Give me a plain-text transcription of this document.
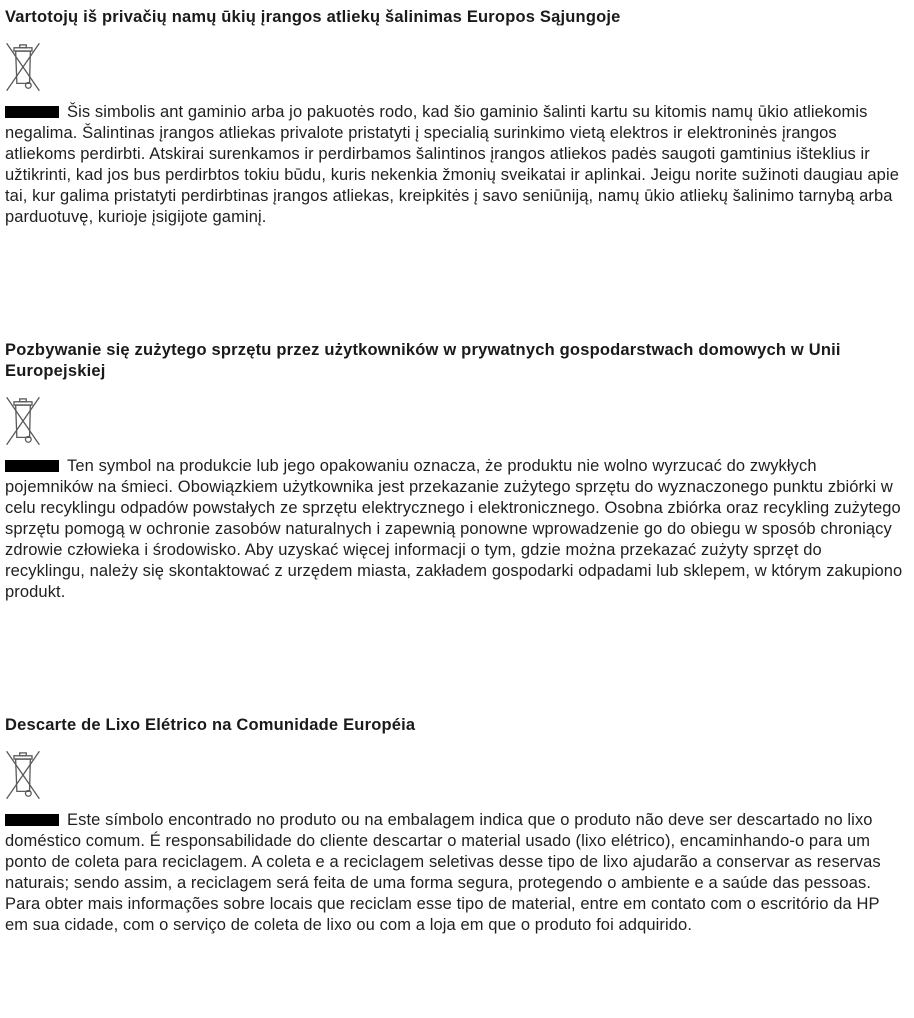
Vartotojų iš privačių namų ūkių įrangos atliekų šalinimas Europos Sąjungoje

Šis simbolis ant gaminio arba jo pakuotės rodo, kad šio gaminio šalinti kartu su kitomis namų ūkio atliekomis negalima. Šalintinas įrangos atliekas privalote pristatyti į specialią surinkimo vietą elektros ir elektroninės įrangos atliekoms perdirbti. Atskirai surenkamos ir perdirbamos šalintinos įrangos atliekos padės saugoti gamtinius išteklius ir užtikrinti, kad jos bus perdirbtos tokiu būdu, kuris nekenkia žmonių sveikatai ir aplinkai. Jeigu norite sužinoti daugiau apie tai, kur galima pristatyti perdirbtinas įrangos atliekas, kreipkitės į savo seniūniją, namų ūkio atliekų šalinimo tarnybą arba parduotuvę, kurioje įsigijote gaminį.

Pozbywanie się zużytego sprzętu przez użytkowników w prywatnych gospodarstwach domowych w Unii Europejskiej

Ten symbol na produkcie lub jego opakowaniu oznacza, że produktu nie wolno wyrzucać do zwykłych pojemników na śmieci. Obowiązkiem użytkownika jest przekazanie zużytego sprzętu do wyznaczonego punktu zbiórki w celu recyklingu odpadów powstałych ze sprzętu elektrycznego i elektronicznego. Osobna zbiórka oraz recykling zużytego sprzętu pomogą w ochronie zasobów naturalnych i zapewnią ponowne wprowadzenie go do obiegu w sposób chroniący zdrowie człowieka i środowisko. Aby uzyskać więcej informacji o tym, gdzie można przekazać zużyty sprzęt do recyklingu, należy się skontaktować z urzędem miasta, zakładem gospodarki odpadami lub sklepem, w którym zakupiono produkt.

Descarte de Lixo Elétrico na Comunidade Européia

Este símbolo encontrado no produto ou na embalagem indica que o produto não deve ser descartado no lixo doméstico comum. É responsabilidade do cliente descartar o material usado (lixo elétrico), encaminhando-o para um ponto de coleta para reciclagem. A coleta e a reciclagem seletivas desse tipo de lixo ajudarão a conservar as reservas naturais; sendo assim, a reciclagem será feita de uma forma segura, protegendo o ambiente e a saúde das pessoas. Para obter mais informações sobre locais que reciclam esse tipo de material, entre em contato com o escritório da HP em sua cidade, com o serviço de coleta de lixo ou com a loja em que o produto foi adquirido.
